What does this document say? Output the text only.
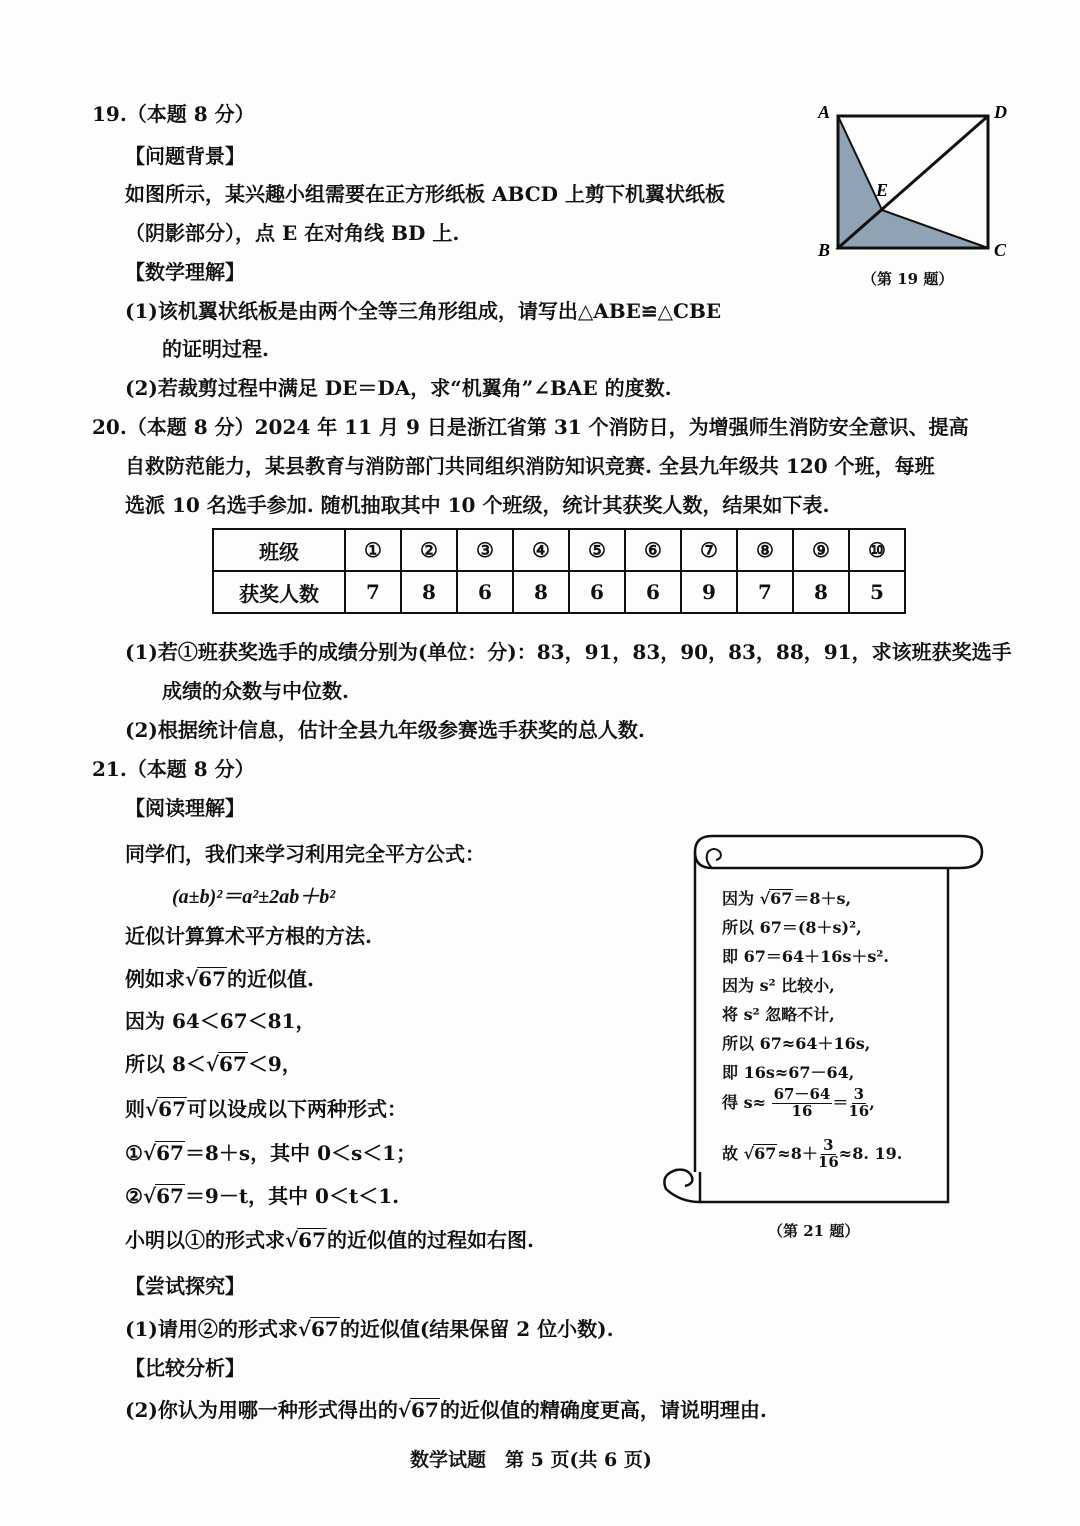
19.（本题 8 分）
【问题背景】
如图所示，某兴趣小组需要在正方形纸板 ABCD 上剪下机翼状纸板
（阴影部分），点 E 在对角线 BD 上.
【数学理解】
(1)该机翼状纸板是由两个全等三角形组成，请写出△ABE≌△CBE
的证明过程.
(2)若裁剪过程中满足 DE＝DA，求“机翼角”∠BAE 的度数.
A	D
E
B	C
（第 19 题）
20.（本题 8 分）2024 年 11 月 9 日是浙江省第 31 个消防日，为增强师生消防安全意识、提高
自救防范能力，某县教育与消防部门共同组织消防知识竞赛. 全县九年级共 120 个班，每班
选派 10 名选手参加. 随机抽取其中 10 个班级，统计其获奖人数，结果如下表.
班级	①	②	③	④	⑤	⑥	⑦	⑧	⑨	⑩
获奖人数	7	8	6	8	6	6	9	7	8	5
(1)若①班获奖选手的成绩分别为(单位：分)：83，91，83，90，83，88，91，求该班获奖选手
成绩的众数与中位数.
(2)根据统计信息，估计全县九年级参赛选手获奖的总人数.
21.（本题 8 分）
【阅读理解】
同学们，我们来学习利用完全平方公式：
(a±b)²＝a²±2ab＋b²
近似计算算术平方根的方法.
例如求√67的近似值.
因为 64＜67＜81，
所以 8＜√67＜9，
则√67可以设成以下两种形式：
①√67＝8＋s，其中 0＜s＜1；
②√67＝9－t，其中 0＜t＜1.
小明以①的形式求√67的近似值的过程如右图.
因为 √67＝8＋s,
所以 67＝(8＋s)²,
即 67＝64＋16s＋s².
因为 s² 比较小,
将 s² 忽略不计,
所以 67≈64＋16s,
即 16s≈67－64,
得 $s\approx \frac{67-64}{16} = \frac{3}{16}$ ,
故 $√67\approx 8+ \frac{3}{16} \approx 8$. 19.
（第 21 题）
【尝试探究】
(1)请用②的形式求√67的近似值(结果保留 2 位小数).
【比较分析】
(2)你认为用哪一种形式得出的√67的近似值的精确度更高，请说明理由.
数学试题　第 5 页(共 6 页)
